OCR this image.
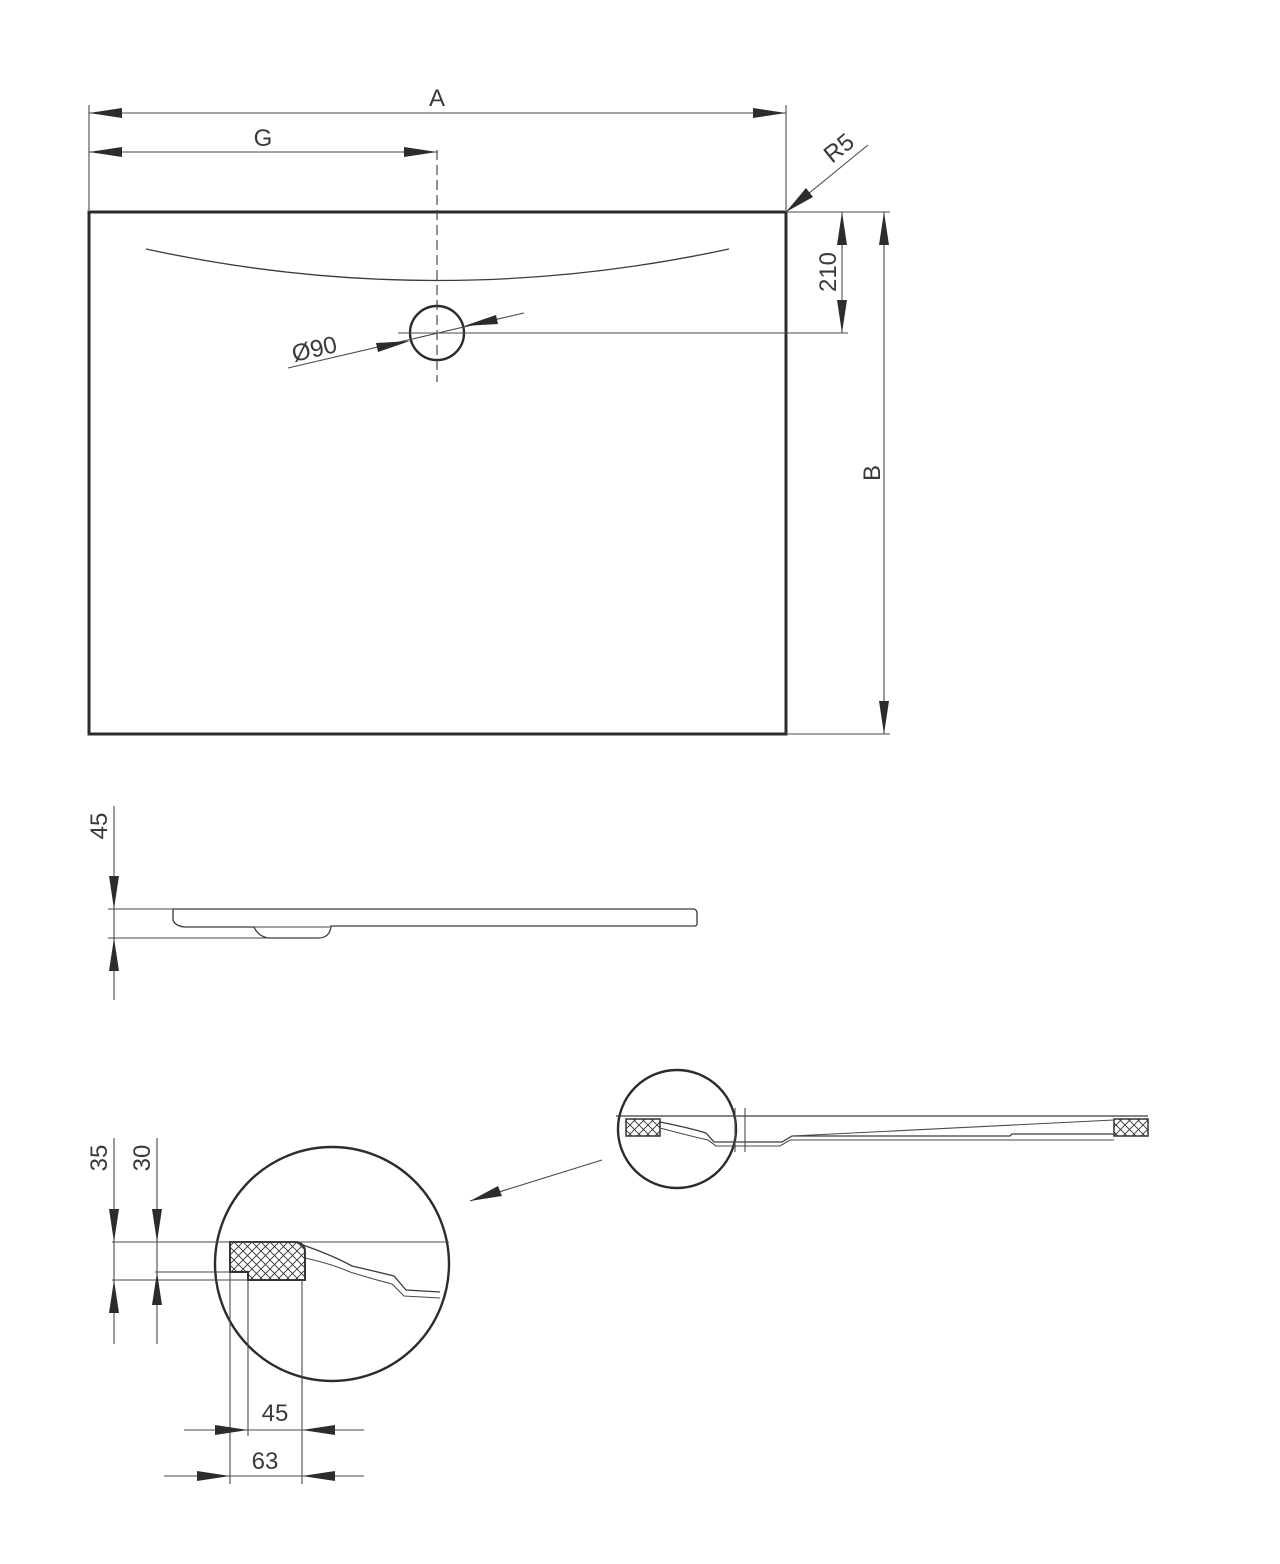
A
G	R5
210
B
Ø90
45
35 30
45
63
